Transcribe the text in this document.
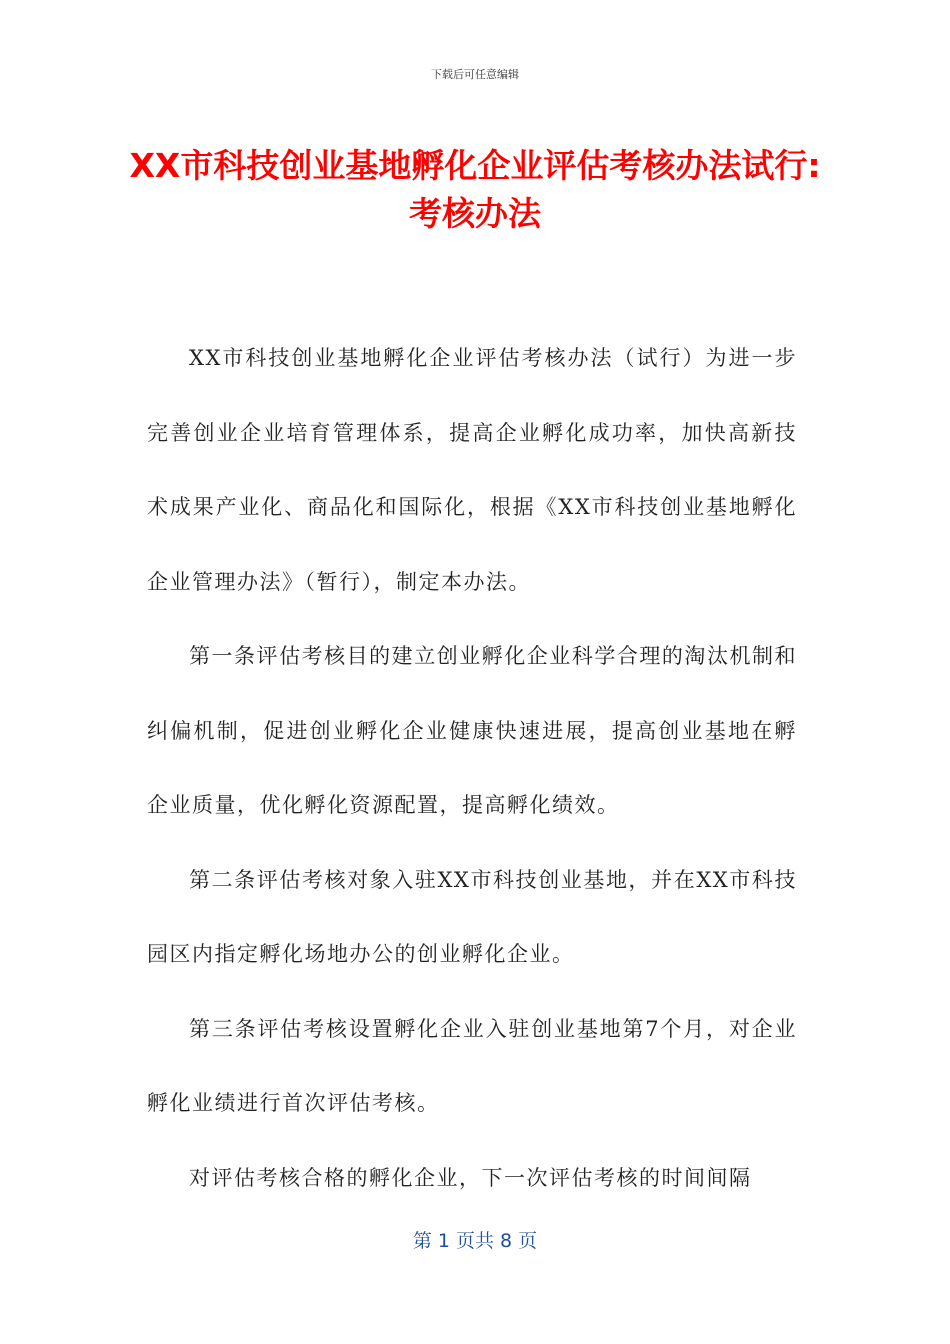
下载后可任意编辑
XX市科技创业基地孵化企业评估考核办法试行:考核办法

XX市科技创业基地孵化企业评估考核办法（试行）为进一步完善创业企业培育管理体系，提高企业孵化成功率，加快高新技术成果产业化、商品化和国际化，根据《XX市科技创业基地孵化企业管理办法》（暂行），制定本办法。

第一条评估考核目的建立创业孵化企业科学合理的淘汰机制和纠偏机制，促进创业孵化企业健康快速进展，提高创业基地在孵企业质量，优化孵化资源配置，提高孵化绩效。

第二条评估考核对象入驻XX市科技创业基地，并在XX市科技园区内指定孵化场地办公的创业孵化企业。

第三条评估考核设置孵化企业入驻创业基地第7个月，对企业孵化业绩进行首次评估考核。

对评估考核合格的孵化企业，下一次评估考核的时间间隔

第 1 页共 8 页
